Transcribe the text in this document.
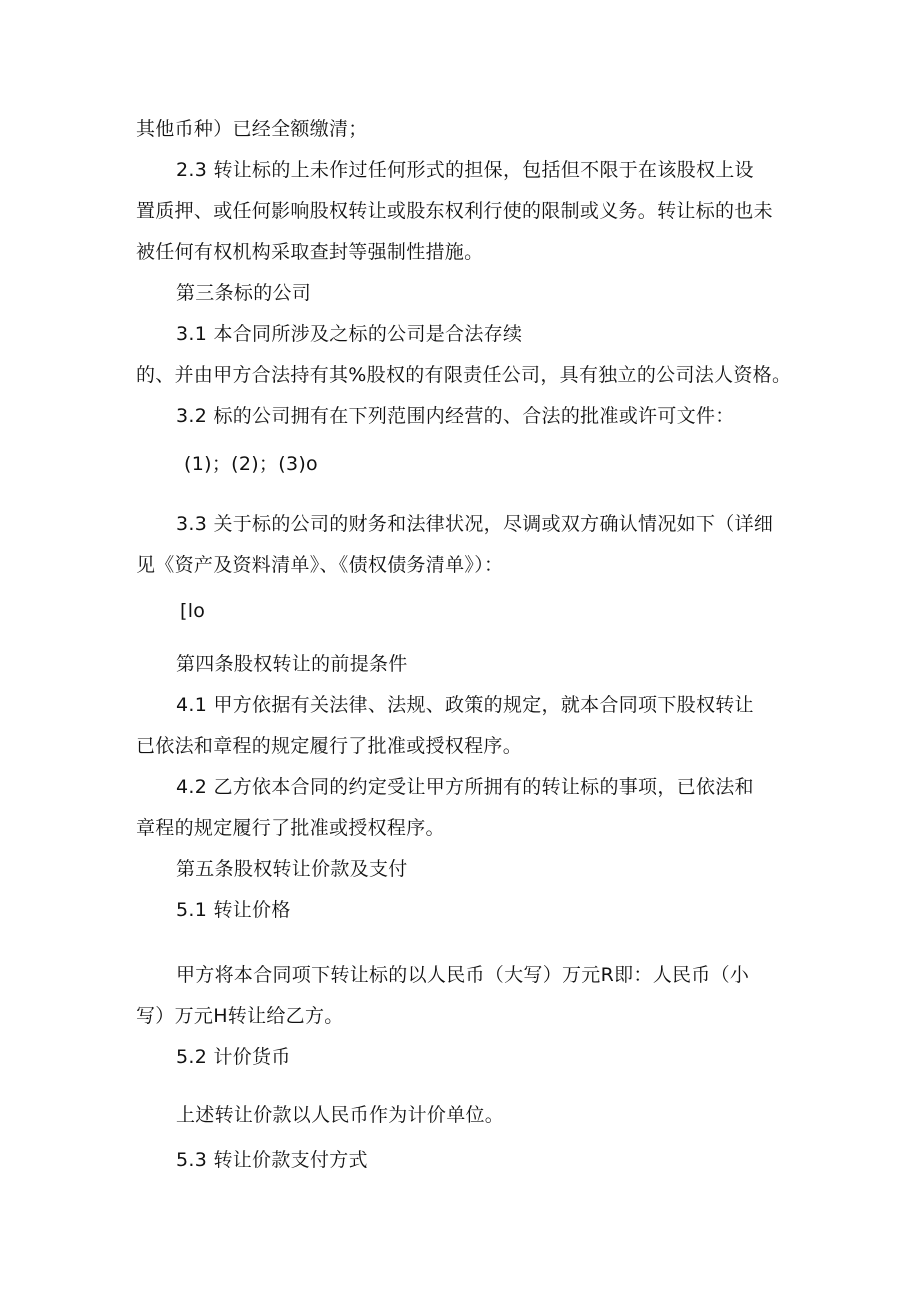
其他币种）已经全额缴清；
2.3 转让标的上未作过任何形式的担保，包括但不限于在该股权上设
置质押、或任何影响股权转让或股东权利行使的限制或义务。转让标的也未
被任何有权机构采取查封等强制性措施。
第三条标的公司
3.1 本合同所涉及之标的公司是合法存续
的、并由甲方合法持有其%股权的有限责任公司，具有独立的公司法人资格。
3.2 标的公司拥有在下列范围内经营的、合法的批准或许可文件：
(1)；(2)；(3)o
3.3 关于标的公司的财务和法律状况，尽调或双方确认情况如下（详细
见《资产及资料清单》、《债权债务清单》）：
[lo
第四条股权转让的前提条件
4.1 甲方依据有关法律、法规、政策的规定，就本合同项下股权转让
已依法和章程的规定履行了批准或授权程序。
4.2 乙方依本合同的约定受让甲方所拥有的转让标的事项，已依法和
章程的规定履行了批准或授权程序。
第五条股权转让价款及支付
5.1 转让价格
甲方将本合同项下转让标的以人民币（大写）万元R即：人民币（小
写）万元H转让给乙方。
5.2 计价货币
上述转让价款以人民币作为计价单位。
5.3 转让价款支付方式
